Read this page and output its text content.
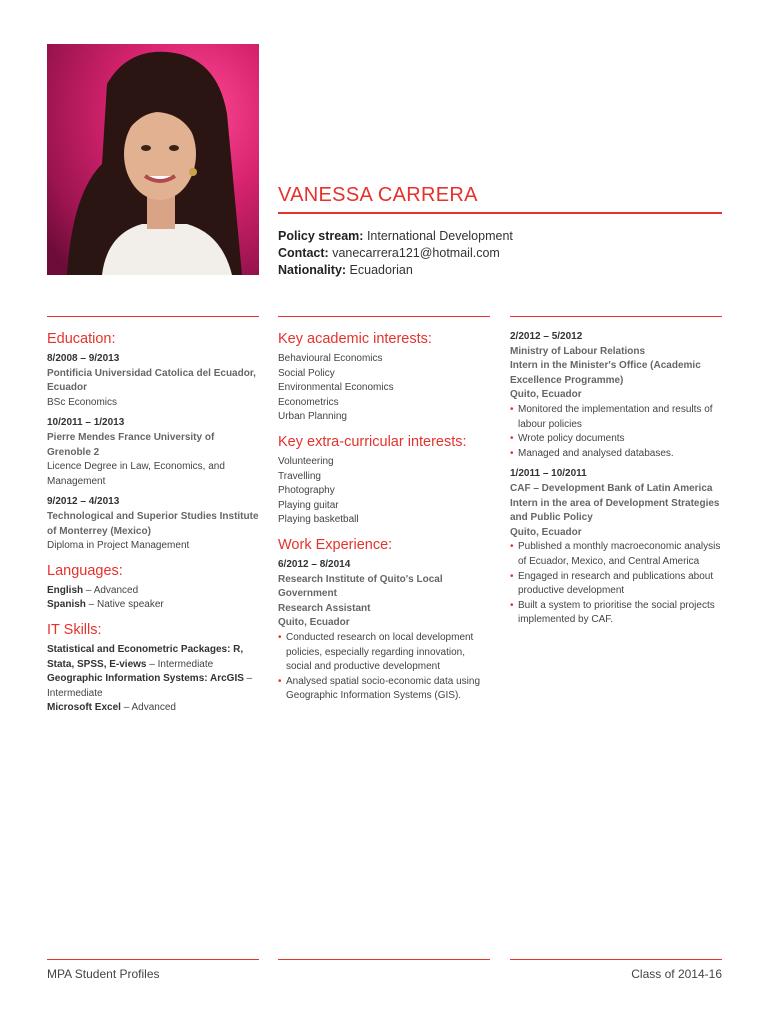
VANESSA CARRERA
Policy stream: International Development
Contact: vanecarrera121@hotmail.com
Nationality: Ecuadorian
Education:
8/2008 – 9/2013
Pontificia Universidad Catolica del Ecuador, Ecuador
BSc Economics
10/2011 – 1/2013
Pierre Mendes France University of Grenoble 2
Licence Degree in Law, Economics, and Management
9/2012 – 4/2013
Technological and Superior Studies Institute of Monterrey (Mexico)
Diploma in Project Management
Languages:
English – Advanced
Spanish – Native speaker
IT Skills:
Statistical and Econometric Packages: R, Stata, SPSS, E-views – Intermediate
Geographic Information Systems: ArcGIS – Intermediate
Microsoft Excel – Advanced
Key academic interests:
Behavioural Economics
Social Policy
Environmental Economics
Econometrics
Urban Planning
Key extra-curricular interests:
Volunteering
Travelling
Photography
Playing guitar
Playing basketball
Work Experience:
6/2012 – 8/2014
Research Institute of Quito's Local Government
Research Assistant
Quito, Ecuador
• Conducted research on local development policies, especially regarding innovation, social and productive development
• Analysed spatial socio-economic data using Geographic Information Systems (GIS).
2/2012 – 5/2012
Ministry of Labour Relations
Intern in the Minister's Office (Academic Excellence Programme)
Quito, Ecuador
• Monitored the implementation and results of labour policies
• Wrote policy documents
• Managed and analysed databases.
1/2011 – 10/2011
CAF – Development Bank of Latin America
Intern in the area of Development Strategies and Public Policy
Quito, Ecuador
• Published a monthly macroeconomic analysis of Ecuador, Mexico, and Central America
• Engaged in research and publications about productive development
• Built a system to prioritise the social projects implemented by CAF.
MPA Student Profiles	Class of 2014-16
